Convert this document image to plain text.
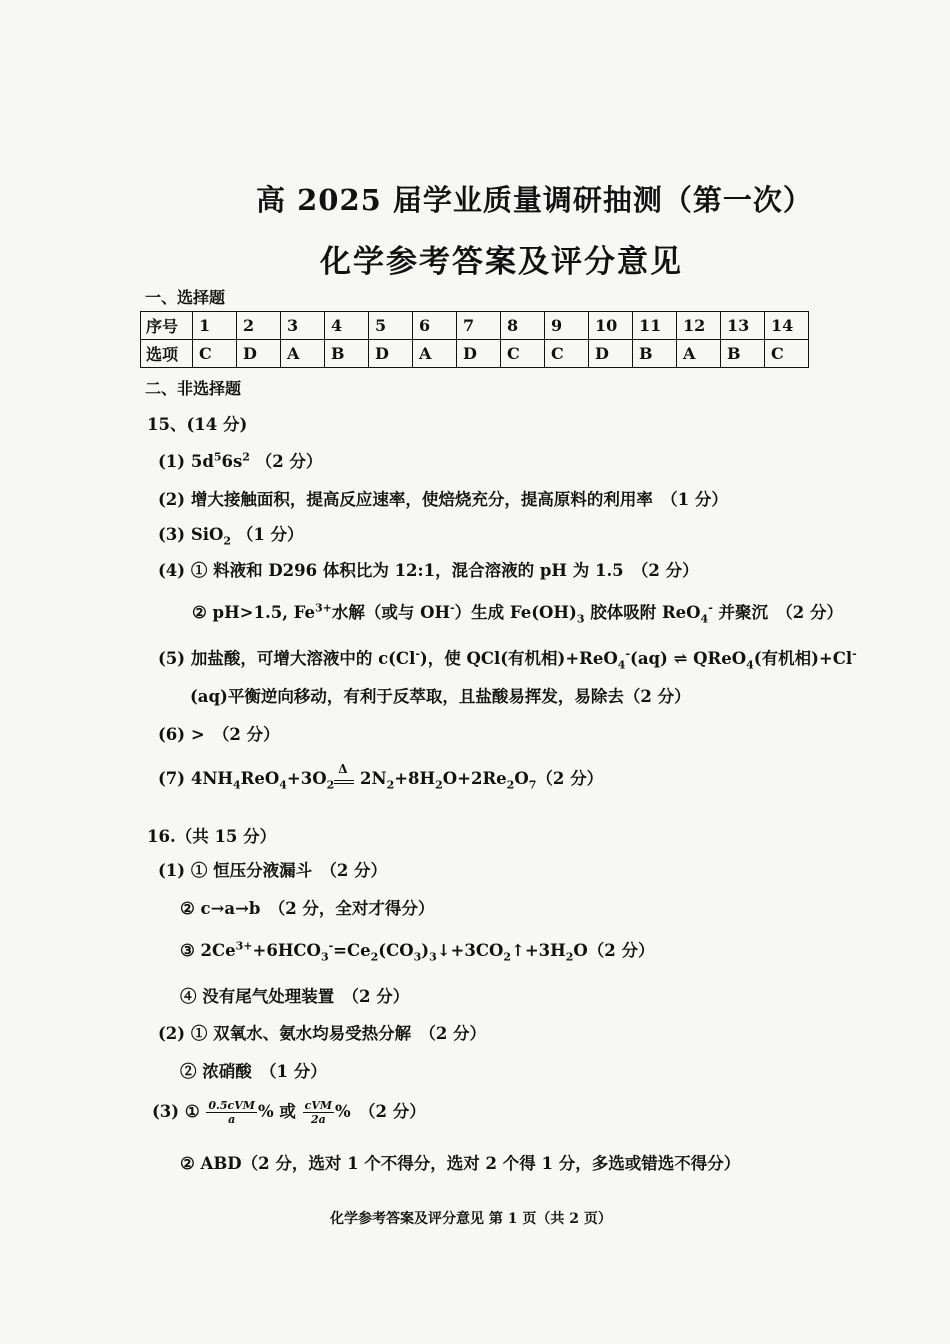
高 2025 届学业质量调研抽测（第一次）
化学参考答案及评分意见
一、选择题
序号	1	2	3	4	5	6	7	8	9	10	11	12	13	14
选项	C	D	A	B	D	A	D	C	C	D	B	A	B	C
二、非选择题
15、(14 分)
(1) $5d^56s^2$ （2 分）
(2) 增大接触面积，提高反应速率，使焙烧充分，提高原料的利用率　（1 分）
(3) SiO$_2$ （1 分）
(4) ① 料液和 D296 体积比为 12:1，混合溶液的 pH 为 1.5　（2 分）
② pH>1.5, $Fe^{3+}$水解（或与 OH-）生成 $Fe(OH)_3$ 胶体吸附 ReO$_4$- 并聚沉　（2 分）
(5) 加盐酸，可增大溶液中的 c(Cl-)，使 QCl(有机相)+ReO$_4$-(aq) ⇌ QReO$_4$(有机相)+Cl-
(aq)平衡逆向移动，有利于反萃取，且盐酸易挥发，易除去（2 分）
(6) >　（2 分）
(7) $4NH_4ReO_4+3O_2$
Δ $2N_2+8H_2O+2Re_2O_7(2$ 分）
16.（共 15 分）
(1) ① 恒压分液漏斗　（2 分）
② c→a→b　（2 分，全对才得分）
③ $2Ce^{3+}+6HCO_3^-=Ce_2(CO_3)_3↓+3CO_2↑+3H_2O(2$ 分）
④ 没有尾气处理装置　（2 分）
(2) ① 双氧水、氨水均易受热分解　（2 分）
② 浓硝酸　（1 分）
(3) ① $\frac{\text{0.5cVM}}{a}$ % 或 $\frac{\text{cVM}}{2a}$ %　（2 分）
② ABD（2 分，选对 1 个不得分，选对 2 个得 1 分，多选或错选不得分）
化学参考答案及评分意见 第 1 页（共 2 页）
